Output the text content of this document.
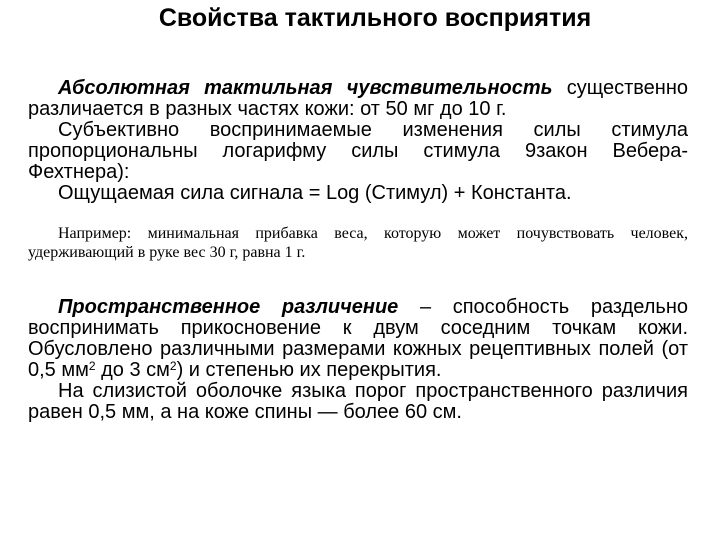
Свойства тактильного восприятия

Абсолютная тактильная чувствительность существенно различается в разных частях кожи: от 50 мг до 10 г.

Субъективно воспринимаемые изменения силы стимула пропорциональны логарифму силы стимула 9закон Вебера-Фехтнера):

Ощущаемая сила сигнала = Log (Стимул) + Константа.

Например: минимальная прибавка веса, которую может почувствовать человек, удерживающий в руке вес 30 г, равна 1 г.

Пространственное различение – способность раздельно воспринимать прикосновение к двум соседним точкам кожи. Обусловлено различными размерами кожных рецептивных полей (от 0,5 $мм^2$ до 3 $см^2$) и степенью их перекрытия.

На слизистой оболочке языка порог пространственного различия равен 0,5 мм, а на коже спины — более 60 см.
